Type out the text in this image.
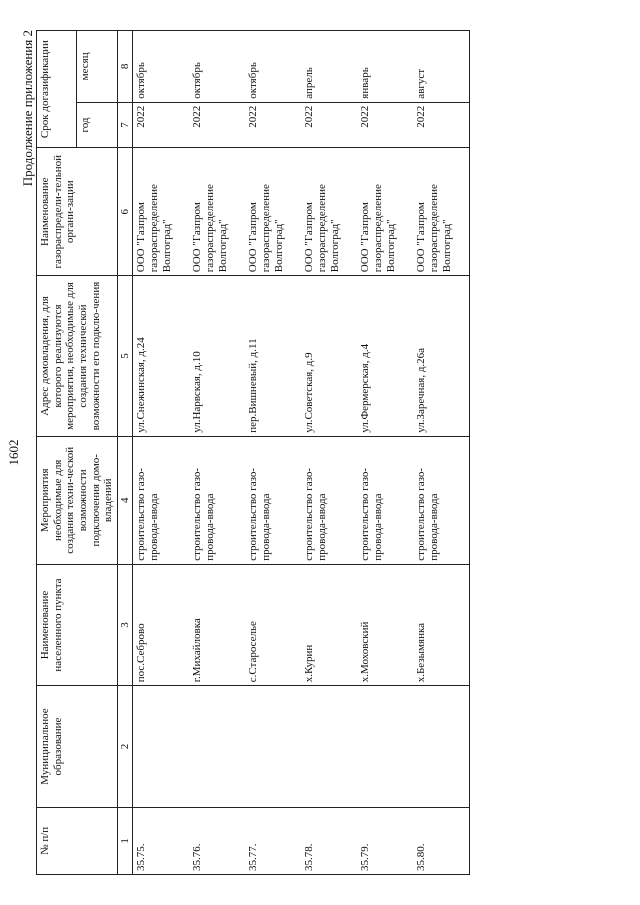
1602
Продолжение приложения 2
№ п/п	Муниципальное образование	Наименование населенного пункта	Мероприятия необходимые для создания техни-ческой возможности подключения домо-владений	Адрес домовладения, для которого реализуются мероприятия, необходимые для создания технической возможности его подклю-чения	Наименование газораспредели-тельной органи-зации	Срок догазификации	
						год	месяц
1	2	3	4	5	6	7	8
35.75.		пос.Себрово	строительство газо-провода-ввода	ул.Снежинская, д.24	ООО "Газпром газораспределение Волгоград"	2022	октябрь
35.76.		г.Михайловка	строительство газо-провода-ввода	ул.Нарвская, д.10	ООО "Газпром газораспределение Волгоград"	2022	октябрь
35.77.		с.Староселье	строительство газо-провода-ввода	пер.Вишневый, д.11	ООО "Газпром газораспределение Волгоград"	2022	октябрь
35.78.		х.Курин	строительство газо-провода-ввода	ул.Советская, д.9	ООО "Газпром газораспределение Волгоград"	2022	апрель
35.79.		х.Моховский	строительство газо-провода-ввода	ул.Фермерская, д.4	ООО "Газпром газораспределение Волгоград"	2022	январь
35.80.		х.Безымянка	строительство газо-провода-ввода	ул.Заречная, д.26а	ООО "Газпром газораспределение Волгоград"	2022	август
